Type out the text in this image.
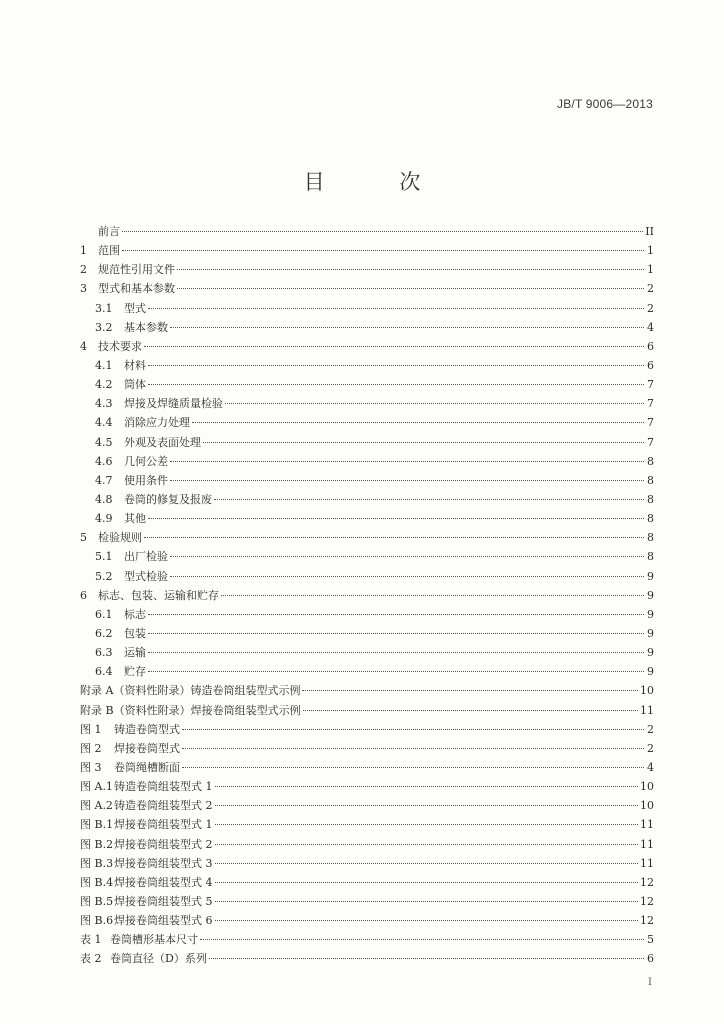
JB/T 9006—2013
目 次
前言	II
1	范围	1
2	规范性引用文件	1
3	型式和基本参数	2
3.1	型式	2
3.2	基本参数	4
4	技术要求	6
4.1	材料	6
4.2	筒体	7
4.3	焊接及焊缝质量检验	7
4.4	消除应力处理	7
4.5	外观及表面处理	7
4.6	几何公差	8
4.7	使用条件	8
4.8	卷筒的修复及报废	8
4.9	其他	8
5	检验规则	8
5.1	出厂检验	8
5.2	型式检验	9
6	标志、包装、运输和贮存	9
6.1	标志	9
6.2	包装	9
6.3	运输	9
6.4	贮存	9
附录 A（资料性附录）铸造卷筒组装型式示例	10
附录 B（资料性附录）焊接卷筒组装型式示例	11
图 1	铸造卷筒型式	2
图 2	焊接卷筒型式	2
图 3	卷筒绳槽断面	4
图 A.1 铸造卷筒组装型式 1	10
图 A.2 铸造卷筒组装型式 2	10
图 B.1 焊接卷筒组装型式 1	11
图 B.2 焊接卷筒组装型式 2	11
图 B.3 焊接卷筒组装型式 3	11
图 B.4 焊接卷筒组装型式 4	12
图 B.5 焊接卷筒组装型式 5	12
图 B.6 焊接卷筒组装型式 6	12
表 1 卷筒槽形基本尺寸	5
表 2 卷筒直径（D）系列	6
I
